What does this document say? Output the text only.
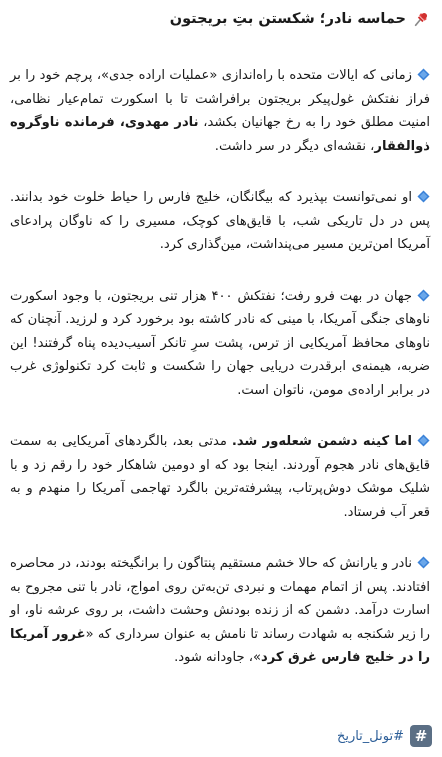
حماسه نادر؛ شکستن بتِ بریجتون

زمانی که ایالات متحده با راه‌اندازی «عملیات اراده جدی»، پرچم خود را بر فراز نفتکش غول‌پیکر بریجتون برافراشت تا با اسکورت تمام‌عیار نظامی، امنیت مطلق خود را به رخ جهانیان بکشد، نادر مهدوی، فرمانده ناوگروه ذوالفقار، نقشه‌ای دیگر در سر داشت.

او نمی‌توانست بپذیرد که بیگانگان، خلیج فارس را حیاط خلوت خود بدانند. پس در دل تاریکی شب، با قایق‌های کوچک، مسیری را که ناوگان پرادعای آمریکا امن‌ترین مسیر می‌پنداشت، مین‌گذاری کرد.

جهان در بهت فرو رفت؛ نفتکش ۴۰۰ هزار تنی بریجتون، با وجود اسکورت ناوهای جنگی آمریکا، با مینی که نادر کاشته بود برخورد کرد و لرزید. آنچنان که ناوهای محافظ آمریکایی از ترس، پشت سرِ تانکر آسیب‌دیده پناه گرفتند! این ضربه، هیمنه‌ی ابرقدرت دریایی جهان را شکست و ثابت کرد تکنولوژی غرب در برابر اراده‌ی مومن، ناتوان است.

اما کینه دشمن شعله‌ور شد. مدتی بعد، بالگردهای آمریکایی به سمت قایق‌های نادر هجوم آوردند. اینجا بود که او دومین شاهکار خود را رقم زد و با شلیک موشک دوش‌پرتاب، پیشرفته‌ترین بالگرد تهاجمی آمریکا را منهدم و به قعر آب فرستاد.

نادر و یارانش که حالا خشم مستقیم پنتاگون را برانگیخته بودند، در محاصره افتادند. پس از اتمام مهمات و نبردی تن‌به‌تن روی امواج، نادر با تنی مجروح به اسارت درآمد. دشمن که از زنده بودنش وحشت داشت، بر روی عرشه ناو، او را زیر شکنجه به شهادت رساند تا نامش به عنوان سرداری که «غرور آمریکا را در خلیج فارس غرق کرد»، جاودانه شود.

#
#تونل_تاریخ
